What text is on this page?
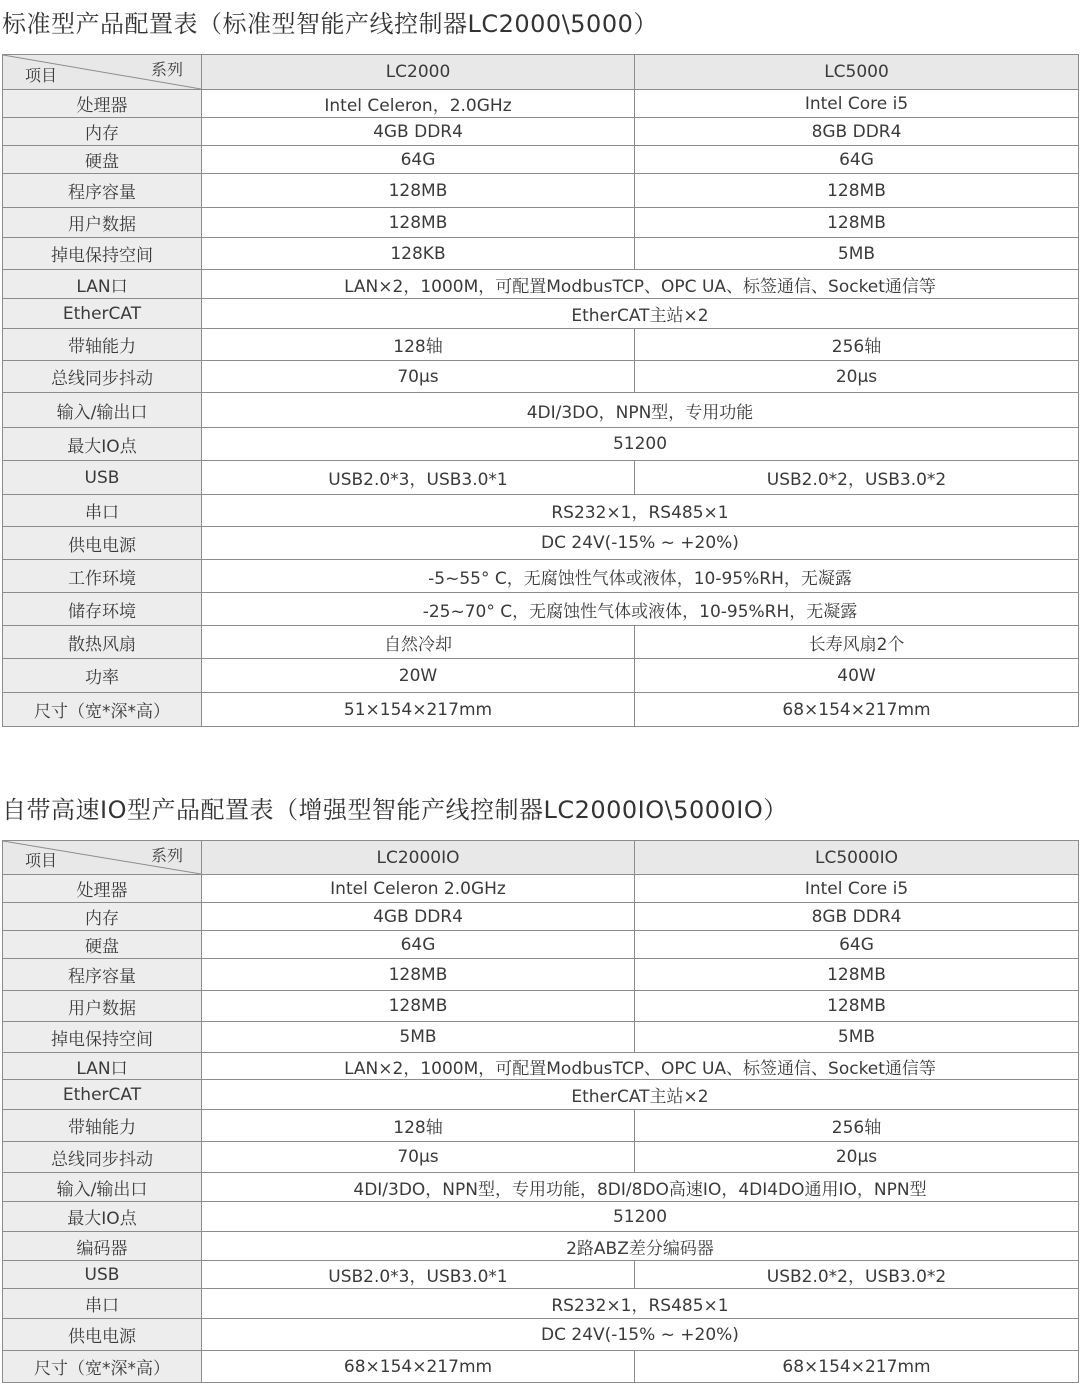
标准型产品配置表（标准型智能产线控制器LC2000\5000）
系列
项目	LC2000	LC5000
处理器	Intel Celeron，2.0GHz	Intel Core i5
内存	4GB DDR4	8GB DDR4
硬盘	64G	64G
程序容量	128MB	128MB
用户数据	128MB	128MB
掉电保持空间	128KB	5MB
LAN口	LAN×2，1000M，可配置ModbusTCP、OPC UA、标签通信、Socket通信等	
EtherCAT	EtherCAT主站×2	
带轴能力	128轴	256轴
总线同步抖动	70μs	20μs
输入/输出口	4DI/3DO，NPN型，专用功能	
最大IO点	51200	
USB	USB2.0*3，USB3.0*1	USB2.0*2，USB3.0*2
串口	RS232×1，RS485×1	
供电电源	DC 24V(-15% ~ +20%)	
工作环境	-5~55° C，无腐蚀性气体或液体，10-95%RH，无凝露	
储存环境	-25~70° C，无腐蚀性气体或液体，10-95%RH，无凝露	
散热风扇	自然冷却	长寿风扇2个
功率	20W	40W
尺寸（宽*深*高）	51×154×217mm	68×154×217mm
自带高速IO型产品配置表（增强型智能产线控制器LC2000IO\5000IO）
系列
项目	LC2000IO	LC5000IO
处理器	Intel Celeron 2.0GHz	Intel Core i5
内存	4GB DDR4	8GB DDR4
硬盘	64G	64G
程序容量	128MB	128MB
用户数据	128MB	128MB
掉电保持空间	5MB	5MB
LAN口	LAN×2，1000M，可配置ModbusTCP、OPC UA、标签通信、Socket通信等	
EtherCAT	EtherCAT主站×2	
带轴能力	128轴	256轴
总线同步抖动	70μs	20μs
输入/输出口	4DI/3DO，NPN型，专用功能，8DI/8DO高速IO，4DI4DO通用IO，NPN型	
最大IO点	51200	
编码器	2路ABZ差分编码器	
USB	USB2.0*3，USB3.0*1	USB2.0*2，USB3.0*2
串口	RS232×1，RS485×1	
供电电源	DC 24V(-15% ~ +20%)	
尺寸（宽*深*高）	68×154×217mm	68×154×217mm
